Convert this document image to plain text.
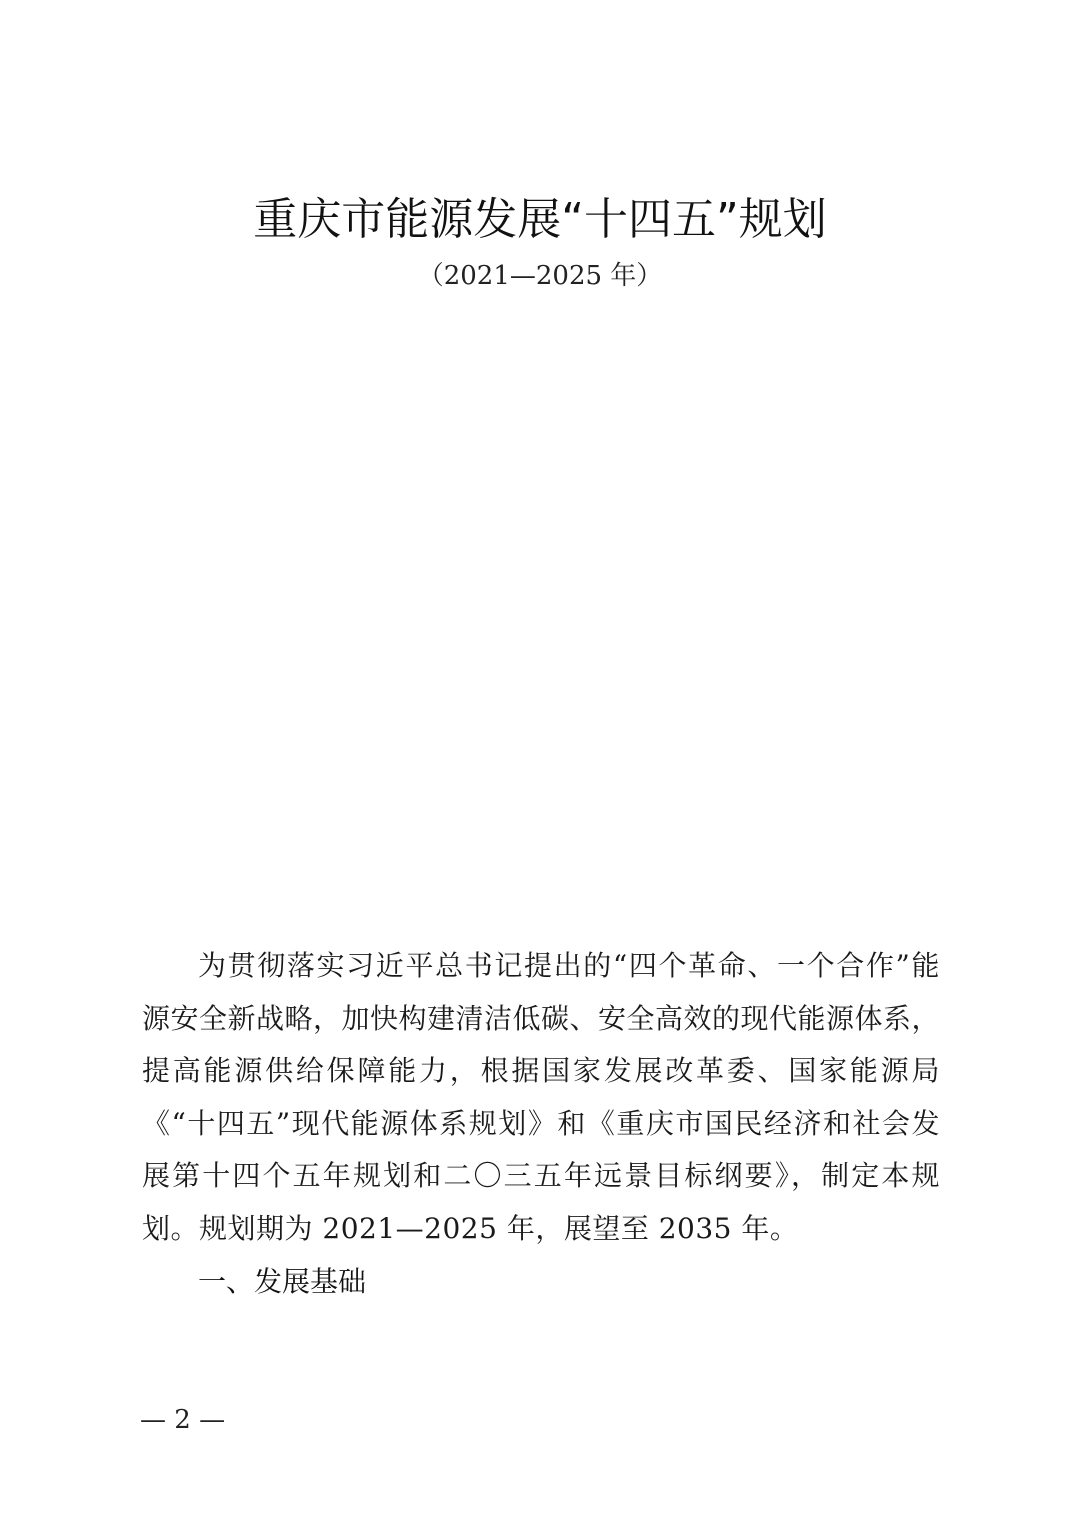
重庆市能源发展“十四五”规划
（2021—2025 年）
为贯彻落实习近平总书记提出的“四个革命、一个合作”能源安全新战略，加快构建清洁低碳、安全高效的现代能源体系，提高能源供给保障能力，根据国家发展改革委、国家能源局《“十四五”现代能源体系规划》和《重庆市国民经济和社会发展第十四个五年规划和二〇三五年远景目标纲要》，制定本规划。规划期为 2021—2025 年，展望至 2035 年。
一、发展基础
— 2 —
